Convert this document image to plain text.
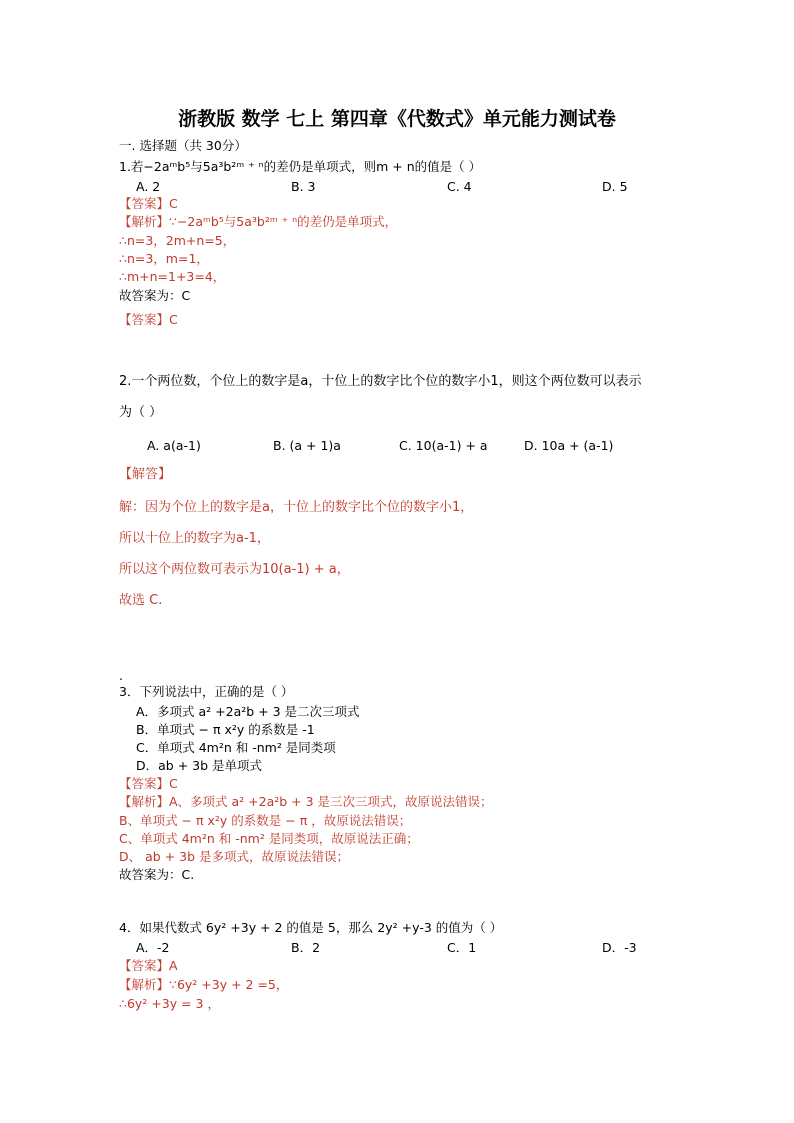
浙教版 数学 七上 第四章《代数式》单元能力测试卷
一. 选择题（共 30分）
1.若−2aᵐb⁵与5a³b²ᵐ ⁺ ⁿ的差仍是单项式，则m + n的值是（ ）
A. 2	B. 3	C. 4	D. 5
【答案】C
【解析】∵−2aᵐb⁵与5a³b²ᵐ ⁺ ⁿ的差仍是单项式，
∴n=3，2m+n=5，
∴n=3，m=1，
∴m+n=1+3=4，
故答案为：C
【答案】C
2.一个两位数，个位上的数字是a，十位上的数字比个位的数字小1，则这个两位数可以表示
为（ ）
A. a(a-1)	B. (a + 1)a	C. 10(a-1) + a	D. 10a + (a-1)
【解答】
解：因为个位上的数字是a，十位上的数字比个位的数字小1，
所以十位上的数字为a-1，
所以这个两位数可表示为10(a-1) + a，
故选 C.
.
3．下列说法中，正确的是（ ）
A．多项式 a² +2a²b + 3 是二次三项式
B．单项式 − π x²y 的系数是 -1
C．单项式 4m²n 和 -nm² 是同类项
D．ab + 3b 是单项式
【答案】C
【解析】A、多项式 a² +2a²b + 3 是三次三项式，故原说法错误；
B、单项式 − π x²y 的系数是 − π ，故原说法错误；
C、单项式 4m²n 和 -nm² 是同类项，故原说法正确；
D、 ab + 3b 是多项式，故原说法错误；
故答案为：C.
4．如果代数式 6y² +3y + 2 的值是 5，那么 2y² +y-3 的值为（ ）
A．-2	B．2	C．1	D．-3
【答案】A
【解析】∵6y² +3y + 2 =5，
∴6y² +3y = 3 ，
